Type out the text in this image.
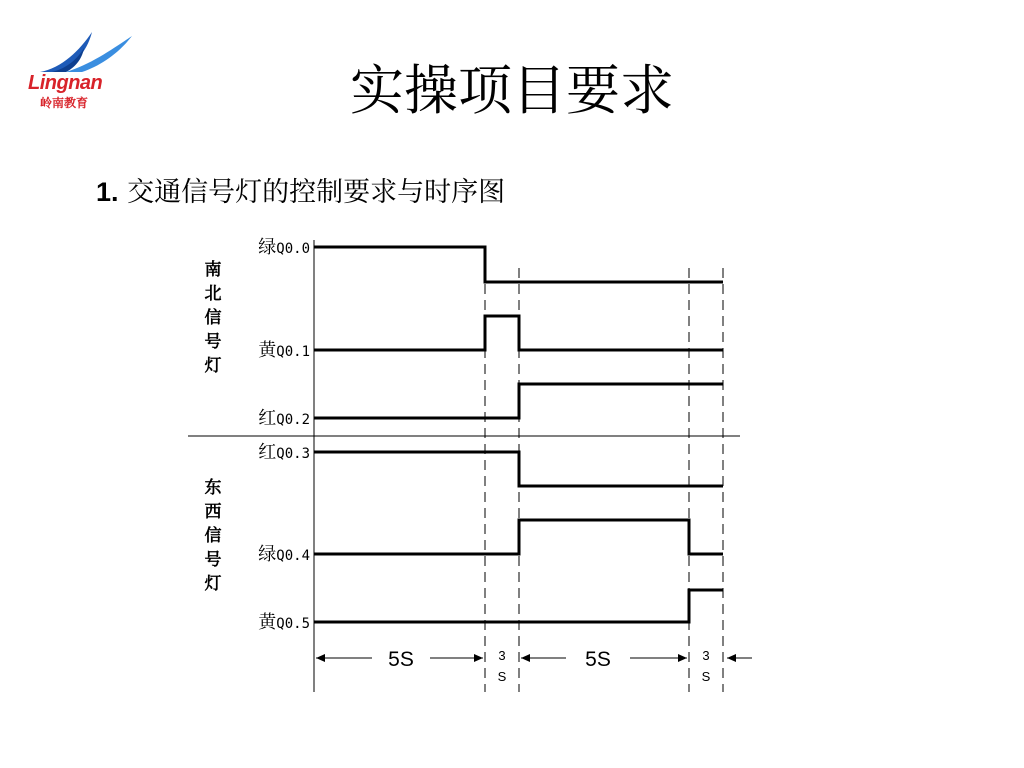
Lingnan
岭南教育	实操项目要求
1. 交通信号灯的控制要求与时序图
绿Q0.0
黄Q0.1
红Q0.2
红Q0.3
绿Q0.4
黄Q0.5
南
北
信
号
灯
东
西
信
号
灯
5S	5S
3
S
3
S
